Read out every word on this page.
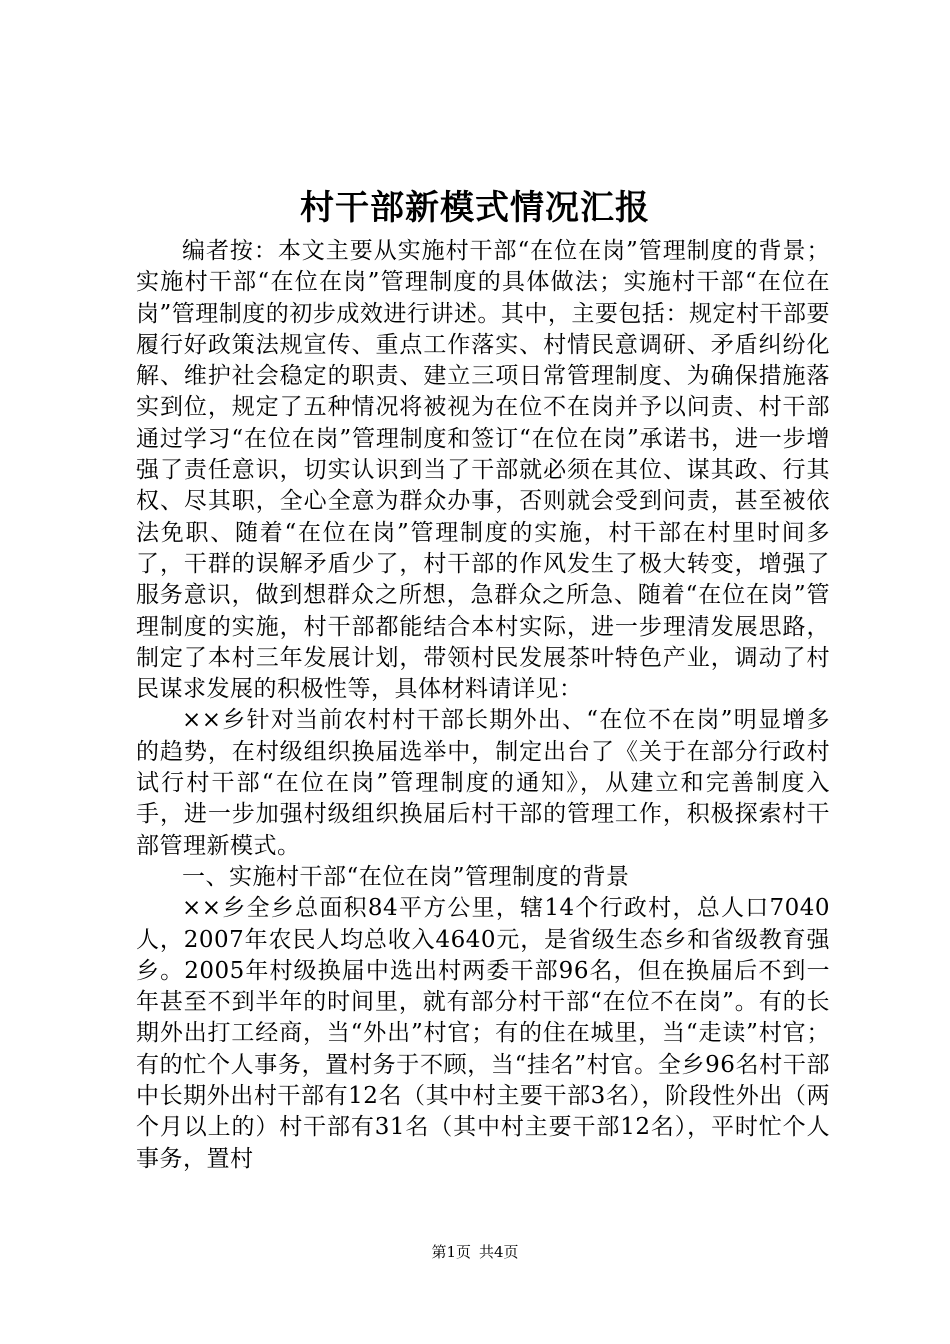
村干部新模式情况汇报

编者按：本文主要从实施村干部“在位在岗”管理制度的背景；实施村干部“在位在岗”管理制度的具体做法；实施村干部“在位在岗”管理制度的初步成效进行讲述。其中，主要包括：规定村干部要履行好政策法规宣传、重点工作落实、村情民意调研、矛盾纠纷化解、维护社会稳定的职责、建立三项日常管理制度、为确保措施落实到位，规定了五种情况将被视为在位不在岗并予以问责、村干部通过学习“在位在岗”管理制度和签订“在位在岗”承诺书，进一步增强了责任意识，切实认识到当了干部就必须在其位、谋其政、行其权、尽其职，全心全意为群众办事，否则就会受到问责，甚至被依法免职、随着“在位在岗”管理制度的实施，村干部在村里时间多了，干群的误解矛盾少了，村干部的作风发生了极大转变，增强了服务意识，做到想群众之所想，急群众之所急、随着“在位在岗”管理制度的实施，村干部都能结合本村实际，进一步理清发展思路，制定了本村三年发展计划，带领村民发展茶叶特色产业，调动了村民谋求发展的积极性等，具体材料请详见：

××乡针对当前农村村干部长期外出、“在位不在岗”明显增多的趋势，在村级组织换届选举中，制定出台了《关于在部分行政村试行村干部“在位在岗”管理制度的通知》，从建立和完善制度入手，进一步加强村级组织换届后村干部的管理工作，积极探索村干部管理新模式。

一、实施村干部“在位在岗”管理制度的背景

××乡全乡总面积84平方公里，辖14个行政村，总人口7040人，2007年农民人均总收入4640元，是省级生态乡和省级教育强乡。2005年村级换届中选出村两委干部96名，但在换届后不到一年甚至不到半年的时间里，就有部分村干部“在位不在岗”。有的长期外出打工经商，当“外出”村官；有的住在城里，当“走读”村官；有的忙个人事务，置村务于不顾，当“挂名”村官。全乡96名村干部中长期外出村干部有12名（其中村主要干部3名），阶段性外出（两个月以上的）村干部有31名（其中村主要干部12名），平时忙个人事务，置村

第1页 共4页
